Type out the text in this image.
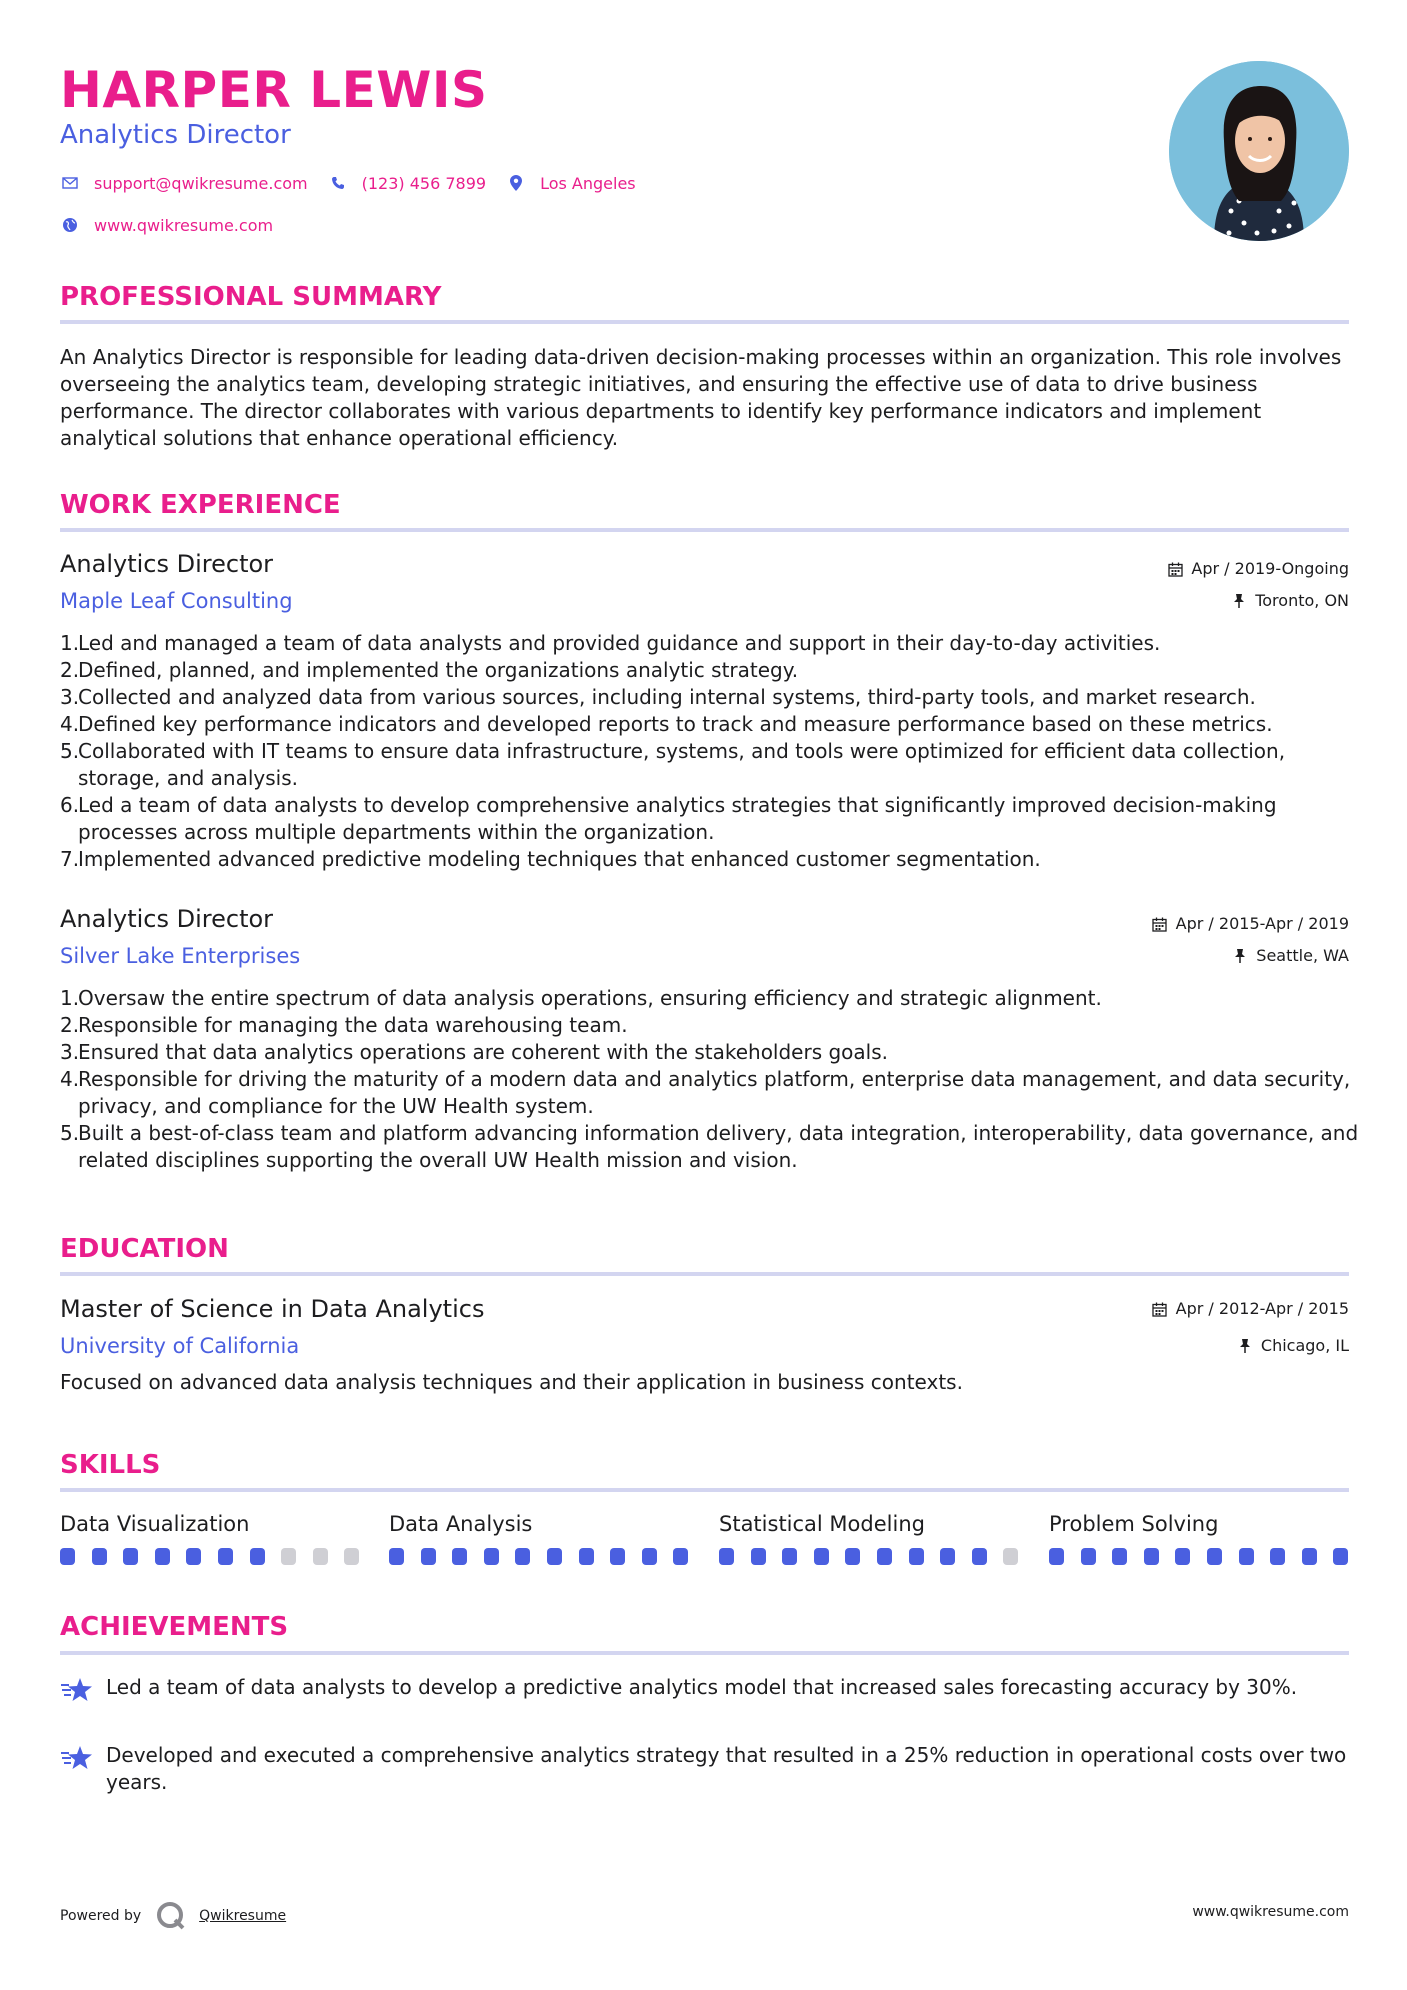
HARPER LEWIS
Analytics Director
support@qwikresume.com	(123) 456 7899	Los Angeles
www.qwikresume.com
PROFESSIONAL SUMMARY
An Analytics Director is responsible for leading data-driven decision-making processes within an organization. This role involves overseeing the analytics team, developing strategic initiatives, and ensuring the effective use of data to drive business performance. The director collaborates with various departments to identify key performance indicators and implement analytical solutions that enhance operational efficiency.
WORK EXPERIENCE
Analytics Director
Maple Leaf Consulting
Apr / 2019-Ongoing
Toronto, ON
1.
Led and managed a team of data analysts and provided guidance and support in their day-to-day activities.
2.
Defined, planned, and implemented the organizations analytic strategy.
3.
Collected and analyzed data from various sources, including internal systems, third-party tools, and market research.
4.
Defined key performance indicators and developed reports to track and measure performance based on these metrics.
5.
Collaborated with IT teams to ensure data infrastructure, systems, and tools were optimized for efficient data collection, storage, and analysis.
6.
Led a team of data analysts to develop comprehensive analytics strategies that significantly improved decision-making processes across multiple departments within the organization.
7.
Implemented advanced predictive modeling techniques that enhanced customer segmentation.
Analytics Director
Silver Lake Enterprises
Apr / 2015-Apr / 2019
Seattle, WA
1.
Oversaw the entire spectrum of data analysis operations, ensuring efficiency and strategic alignment.
2.
Responsible for managing the data warehousing team.
3.
Ensured that data analytics operations are coherent with the stakeholders goals.
4.
Responsible for driving the maturity of a modern data and analytics platform, enterprise data management, and data security, privacy, and compliance for the UW Health system.
5.
Built a best-of-class team and platform advancing information delivery, data integration, interoperability, data governance, and related disciplines supporting the overall UW Health mission and vision.
EDUCATION
Master of Science in Data Analytics
University of California
Apr / 2012-Apr / 2015
Chicago, IL
Focused on advanced data analysis techniques and their application in business contexts.
SKILLS
Data Visualization	Data Analysis	Statistical Modeling	Problem Solving
ACHIEVEMENTS
Led a team of data analysts to develop a predictive analytics model that increased sales forecasting accuracy by 30%.
Developed and executed a comprehensive analytics strategy that resulted in a 25% reduction in operational costs over two years.
Powered by	Qwikresume	www.qwikresume.com
